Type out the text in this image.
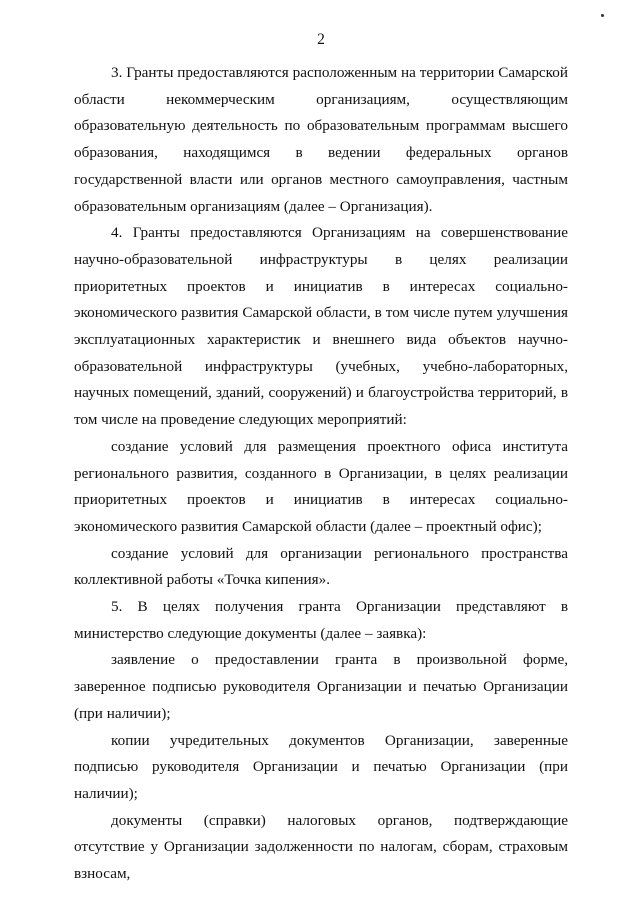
2

3. Гранты предоставляются расположенным на территории Самарской области некоммерческим организациям, осуществляющим образовательную деятельность по образовательным программам высшего образования, находящимся в ведении федеральных органов государственной власти или органов местного самоуправления, частным образовательным организациям (далее – Организация).

4. Гранты предоставляются Организациям на совершенствование научно-образовательной инфраструктуры в целях реализации приоритетных проектов и инициатив в интересах социально-экономического развития Самарской области, в том числе путем улучшения эксплуатационных характеристик и внешнего вида объектов научно-образовательной инфраструктуры (учебных, учебно-лабораторных, научных помещений, зданий, сооружений) и благоустройства территорий, в том числе на проведение следующих мероприятий:

создание условий для размещения проектного офиса института регионального развития, созданного в Организации, в целях реализации приоритетных проектов и инициатив в интересах социально-экономического развития Самарской области (далее – проектный офис);

создание условий для организации регионального пространства коллективной работы «Точка кипения».

5. В целях получения гранта Организации представляют в министерство следующие документы (далее – заявка):

заявление о предоставлении гранта в произвольной форме, заверенное подписью руководителя Организации и печатью Организации (при наличии);

копии учредительных документов Организации, заверенные подписью руководителя Организации и печатью Организации (при наличии);

документы (справки) налоговых органов, подтверждающие отсутствие у Организации задолженности по налогам, сборам, страховым взносам,
